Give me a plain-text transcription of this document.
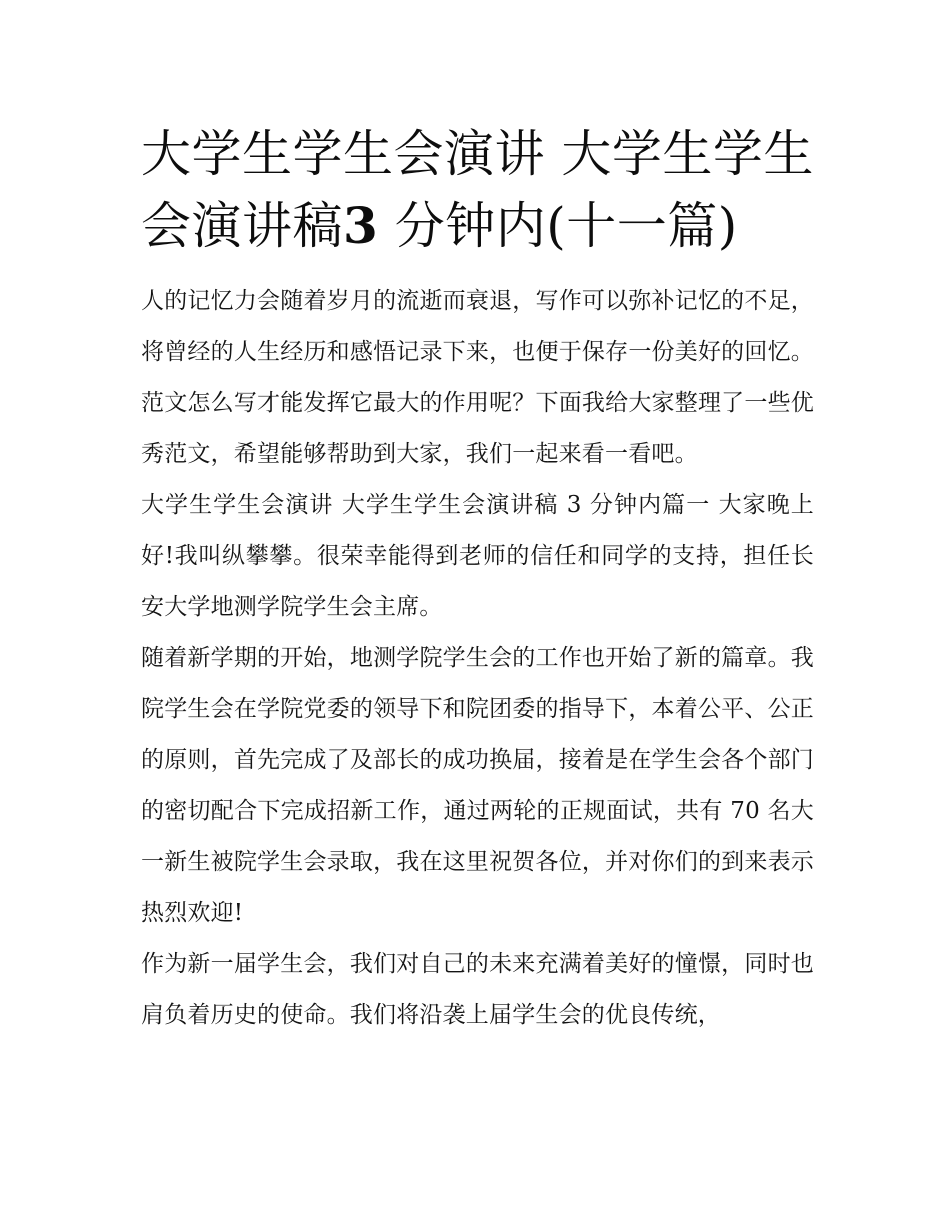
大学生学生会演讲 大学生学生会演讲稿3 分钟内(十一篇)

人的记忆力会随着岁月的流逝而衰退，写作可以弥补记忆的不足，将曾经的人生经历和感悟记录下来，也便于保存一份美好的回忆。范文怎么写才能发挥它最大的作用呢？下面我给大家整理了一些优秀范文，希望能够帮助到大家，我们一起来看一看吧。

大学生学生会演讲 大学生学生会演讲稿 3 分钟内篇一 大家晚上好!我叫纵攀攀。很荣幸能得到老师的信任和同学的支持，担任长安大学地测学院学生会主席。

随着新学期的开始，地测学院学生会的工作也开始了新的篇章。我院学生会在学院党委的领导下和院团委的指导下，本着公平、公正的原则，首先完成了及部长的成功换届，接着是在学生会各个部门的密切配合下完成招新工作，通过两轮的正规面试，共有 70 名大一新生被院学生会录取，我在这里祝贺各位，并对你们的到来表示热烈欢迎!

作为新一届学生会，我们对自己的未来充满着美好的憧憬，同时也肩负着历史的使命。我们将沿袭上届学生会的优良传统，
